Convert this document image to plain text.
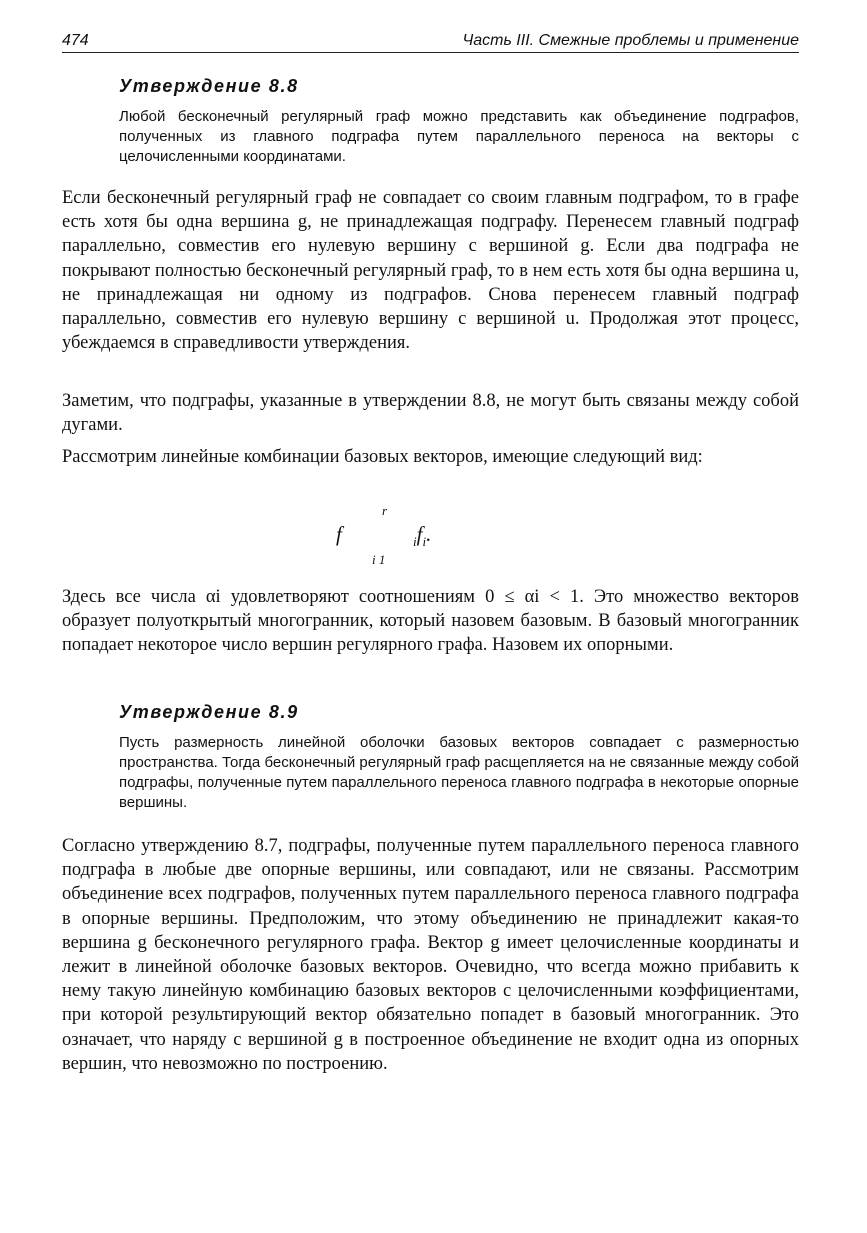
474	Часть III. Смежные проблемы и применение
Утверждение 8.8

Любой бесконечный регулярный граф можно представить как объединение подграфов, полученных из главного подграфа путем параллельного переноса на векторы с целочисленными координатами.

Если бесконечный регулярный граф не совпадает со своим главным подграфом, то в графе есть хотя бы одна вершина g, не принадлежащая подграфу. Перенесем главный подграф параллельно, совместив его нулевую вершину с вершиной g. Если два подграфа не покрывают полностью бесконечный регулярный граф, то в нем есть хотя бы одна вершина u, не принадлежащая ни одному из подграфов. Снова перенесем главный подграф параллельно, совместив его нулевую вершину с вершиной u. Продолжая этот процесс, убеждаемся в справедливости утверждения.

Заметим, что подграфы, указанные в утверждении 8.8, не могут быть связаны между собой дугами.

Рассмотрим линейные комбинации базовых векторов, имеющие следующий вид:

r
f	$_if_i$.
i 1

Здесь все числа αi удовлетворяют соотношениям 0 ≤ αi < 1. Это множество векторов образует полуоткрытый многогранник, который назовем базовым. В базовый многогранник попадает некоторое число вершин регулярного графа. Назовем их опорными.

Утверждение 8.9

Пусть размерность линейной оболочки базовых векторов совпадает с размерностью пространства. Тогда бесконечный регулярный граф расщепляется на не связанные между собой подграфы, полученные путем параллельного переноса главного подграфа в некоторые опорные вершины.

Согласно утверждению 8.7, подграфы, полученные путем параллельного переноса главного подграфа в любые две опорные вершины, или совпадают, или не связаны. Рассмотрим объединение всех подграфов, полученных путем параллельного переноса главного подграфа в опорные вершины. Предположим, что этому объединению не принадлежит какая-то вершина g бесконечного регулярного графа. Вектор g имеет целочисленные координаты и лежит в линейной оболочке базовых векторов. Очевидно, что всегда можно прибавить к нему такую линейную комбинацию базовых векторов с целочисленными коэффициентами, при которой результирующий вектор обязательно попадет в базовый многогранник. Это означает, что наряду с вершиной g в построенное объединение не входит одна из опорных вершин, что невозможно по построению.
